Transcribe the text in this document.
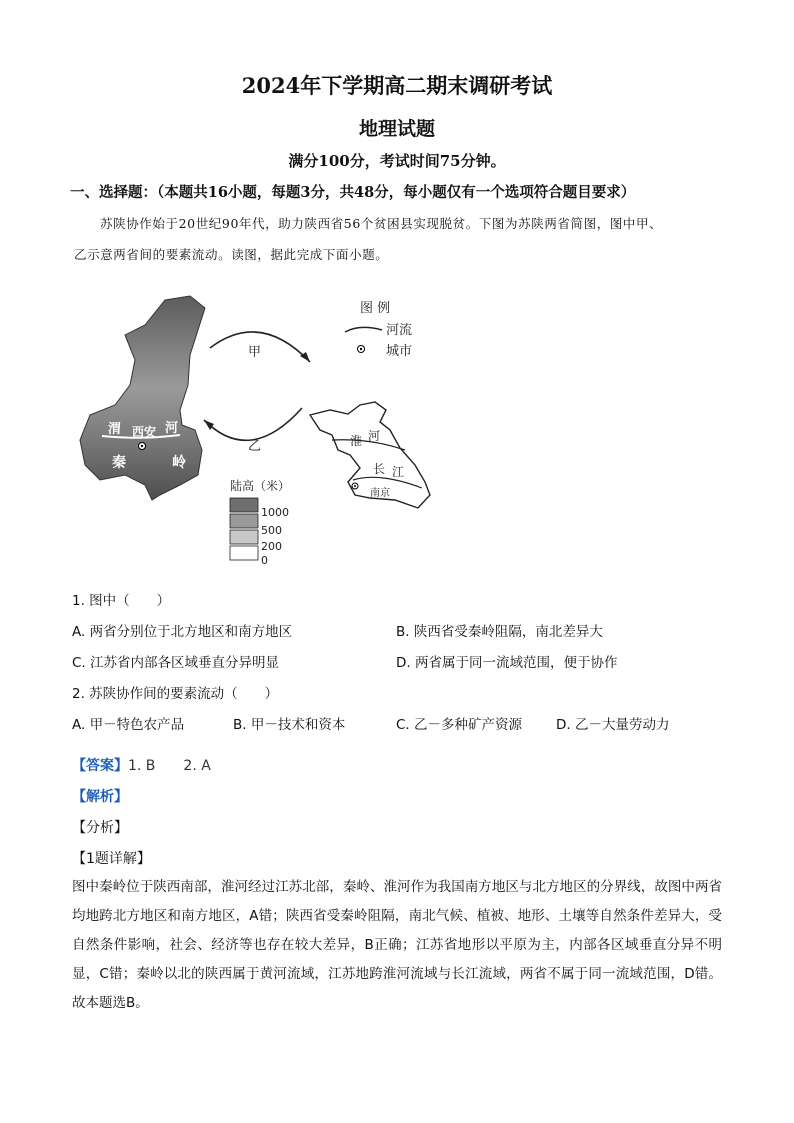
2024年下学期高二期末调研考试
地理试题
满分100分，考试时间75分钟。
一、选择题：（本题共16小题，每题3分，共48分，每小题仅有一个选项符合题目要求）
苏陕协作始于20世纪90年代，助力陕西省56个贫困县实现脱贫。下图为苏陕两省简图，图中甲、
乙示意两省间的要素流动。读图，据此完成下面小题。
渭 西安 河
秦	岭
甲
乙	淮 河
长 江
南京
图 例
河流
城市
陆高（米）
1000
500
200
0
1. 图中（　　）
A. 两省分别位于北方地区和南方地区	B. 陕西省受秦岭阻隔，南北差异大
C. 江苏省内部各区域垂直分异明显	D. 两省属于同一流域范围，便于协作
2. 苏陕协作间的要素流动（　　）
A. 甲－特色农产品	B. 甲－技术和资本	C. 乙－多种矿产资源	D. 乙－大量劳动力
【答案】1. B　　2. A
【解析】
【分析】
【1题详解】
图中秦岭位于陕西南部，淮河经过江苏北部，秦岭、淮河作为我国南方地区与北方地区的分界线，故图中两省均地跨北方地区和南方地区，A错；陕西省受秦岭阻隔，南北气候、植被、地形、土壤等自然条件差异大，受自然条件影响，社会、经济等也存在较大差异，B正确；江苏省地形以平原为主，内部各区域垂直分异不明显，C错；秦岭以北的陕西属于黄河流域，江苏地跨淮河流域与长江流域，两省不属于同一流域范围，D错。故本题选B。
